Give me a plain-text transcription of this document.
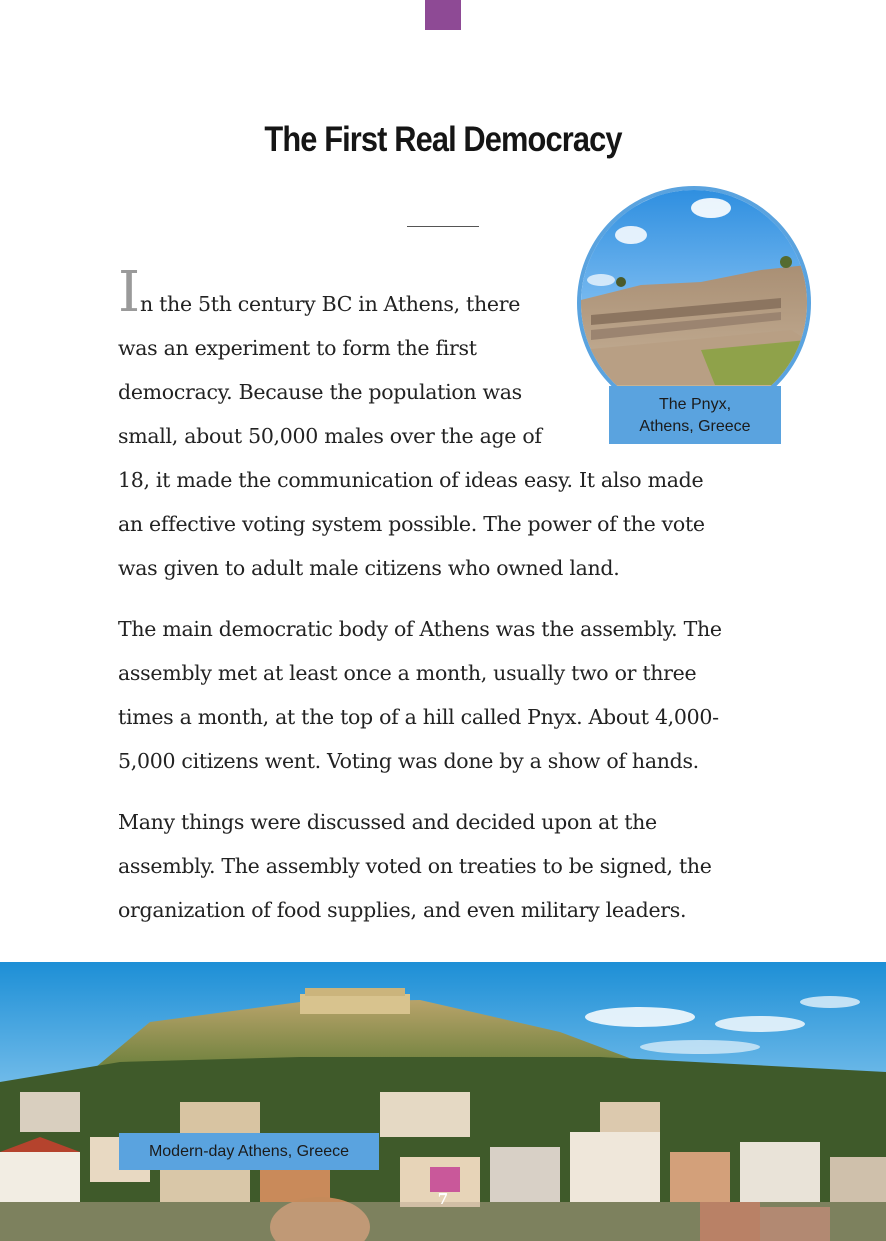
The First Real Democracy
The Pnyx,
Athens, Greece
I n the 5th century BC in Athens, there
was an experiment to form the first
democracy. Because the population was
small, about 50,000 males over the age of
18, it made the communication of ideas easy. It also made
an effective voting system possible. The power of the vote
was given to adult male citizens who owned land.
The main democratic body of Athens was the assembly. The
assembly met at least once a month, usually two or three
times a month, at the top of a hill called Pnyx. About 4,000-
5,000 citizens went. Voting was done by a show of hands.
Many things were discussed and decided upon at the
assembly. The assembly voted on treaties to be signed, the
organization of food supplies, and even military leaders.
Modern-day Athens, Greece
7
